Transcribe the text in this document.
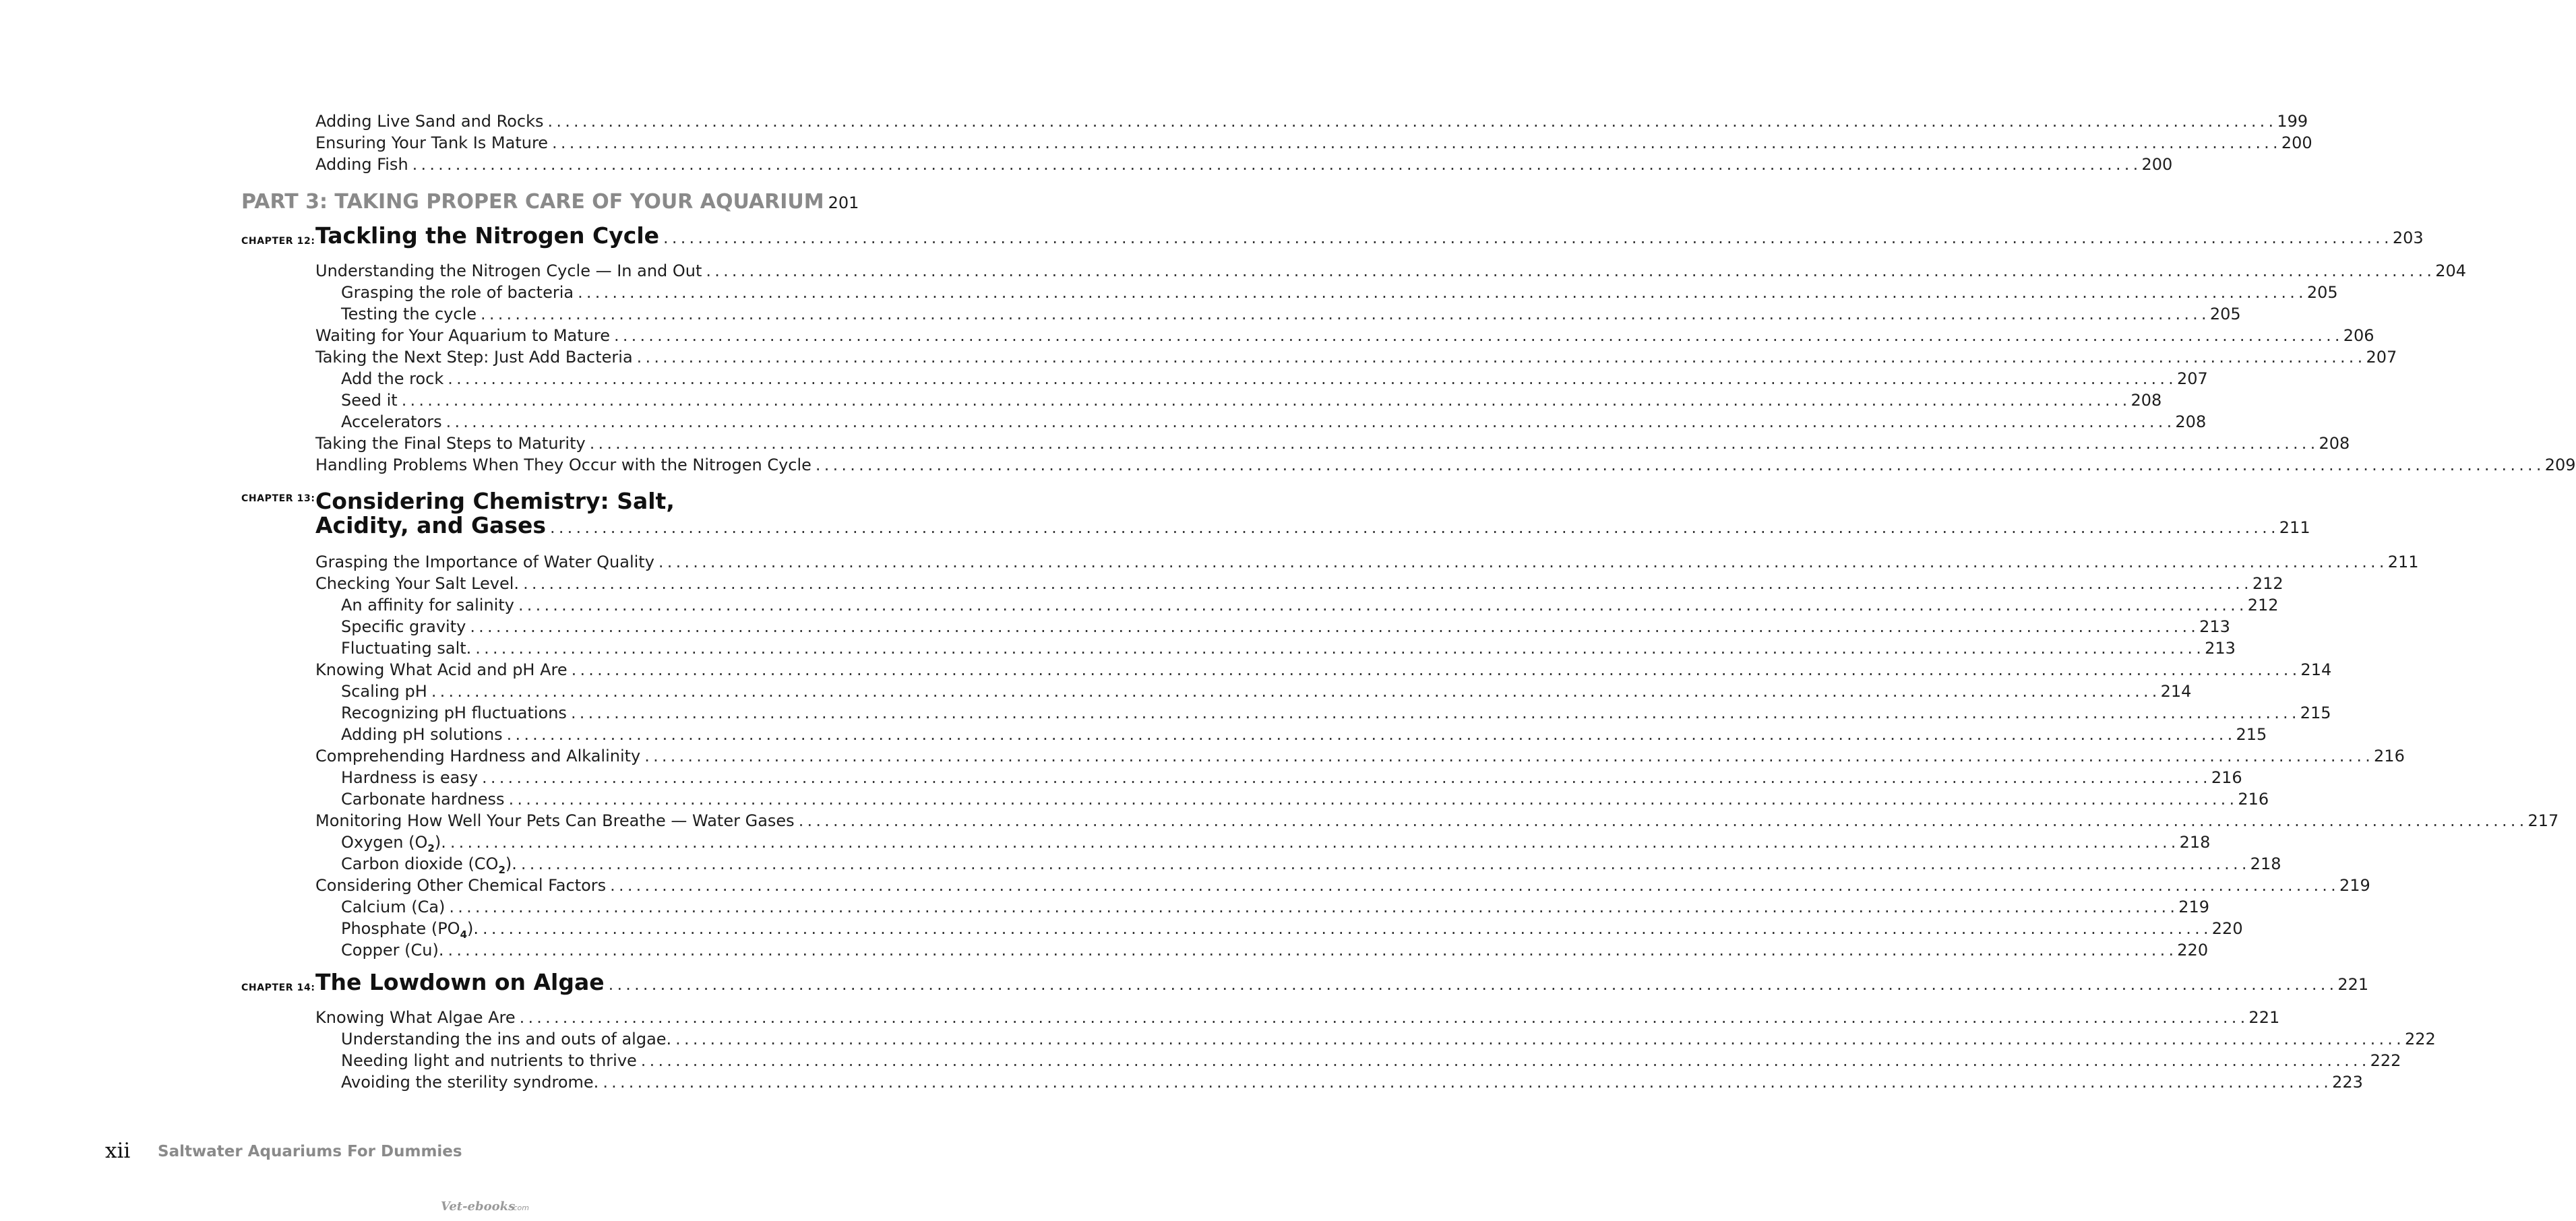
Adding Live Sand and Rocks .....	199
Ensuring Your Tank Is Mature .....	200
Adding Fish .....	200
PART 3: TAKING PROPER CARE OF YOUR AQUARIUM 201
CHAPTER 12: Tackling the Nitrogen Cycle .....	203
Understanding the Nitrogen Cycle — In and Out .....	204
Grasping the role of bacteria .....	205
Testing the cycle .....	205
Waiting for Your Aquarium to Mature .....	206
Taking the Next Step: Just Add Bacteria .....	207
Add the rock .....	207
Seed it .....	208
Accelerators .....	208
Taking the Final Steps to Maturity .....	208
Handling Problems When They Occur with the Nitrogen Cycle .....	209
CHAPTER 13: Considering Chemistry: Salt,
Acidity, and Gases .....	211
Grasping the Importance of Water Quality .....	211
Checking Your Salt Level. .....	212
An affinity for salinity .....	212
Specific gravity .....	213
Fluctuating salt. .....	213
Knowing What Acid and pH Are .....	214
Scaling pH .....	214
Recognizing pH fluctuations .....	215
Adding pH solutions .....	215
Comprehending Hardness and Alkalinity .....	216
Hardness is easy .....	216
Carbonate hardness .....	216
Monitoring How Well Your Pets Can Breathe — Water Gases .....	217
Oxygen $(O_2)$. .....	218
Carbon dioxide $(CO_2)$. .....	218
Considering Other Chemical Factors .....	219
Calcium (Ca) .....	219
Phosphate $(PO_4)$. .....	220
Copper (Cu). .....	220
CHAPTER 14: The Lowdown on Algae .....	221
Knowing What Algae Are .....	221
Understanding the ins and outs of algae. .....	222
Needing light and nutrients to thrive .....	222
Avoiding the sterility syndrome. .....	223
xii Saltwater Aquariums For Dummies
Vet-ebooks
.com
